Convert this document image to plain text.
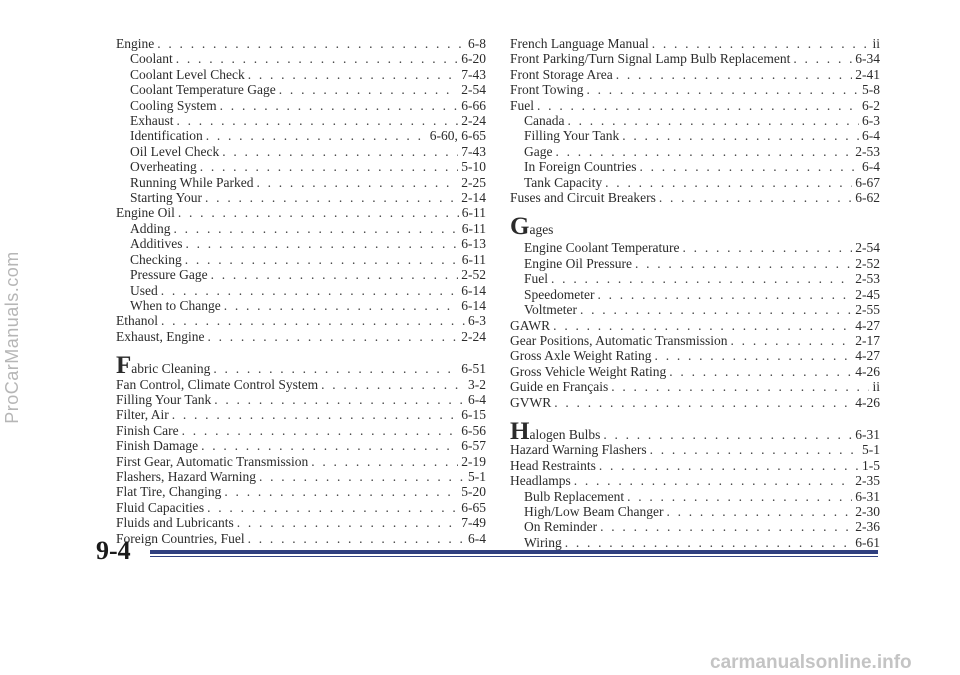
ProCarManuals.com
Engine . . .	6-8
Coolant . . .	6-20
Coolant Level Check . . .	7-43
Coolant Temperature Gage . . .	2-54
Cooling System . . .	6-66
Exhaust . . .	2-24
Identification . . .	6-60, 6-65
Oil Level Check . . .	7-43
Overheating . . .	5-10
Running While Parked . . .	2-25
Starting Your . . .	2-14
Engine Oil . . .	6-11
Adding . . .	6-11
Additives . . .	6-13
Checking . . .	6-11
Pressure Gage . . .	2-52
Used . . .	6-14
When to Change . . .	6-14
Ethanol . . .	6-3
Exhaust, Engine . . .	2-24
Fabric Cleaning . . .	6-51
Fan Control, Climate Control System . . .	3-2
Filling Your Tank . . .	6-4
Filter, Air . . .	6-15
Finish Care . . .	6-56
Finish Damage . . .	6-57
First Gear, Automatic Transmission . . .	2-19
Flashers, Hazard Warning . . .	5-1
Flat Tire, Changing . . .	5-20
Fluid Capacities . . .	6-65
Fluids and Lubricants . . .	7-49
Foreign Countries, Fuel . . .	6-4
French Language Manual . . .	ii
Front Parking/Turn Signal Lamp Bulb Replacement . . .	6-34
Front Storage Area . . .	2-41
Front Towing . . .	5-8
Fuel . . .	6-2
Canada . . .	6-3
Filling Your Tank . . .	6-4
Gage . . .	2-53
In Foreign Countries . . .	6-4
Tank Capacity . . .	6-67
Fuses and Circuit Breakers . . .	6-62
Gages
Engine Coolant Temperature . . .	2-54
Engine Oil Pressure . . .	2-52
Fuel . . .	2-53
Speedometer . . .	2-45
Voltmeter . . .	2-55
GAWR . . .	4-27
Gear Positions, Automatic Transmission . . .	2-17
Gross Axle Weight Rating . . .	4-27
Gross Vehicle Weight Rating . . .	4-26
Guide en Français . . .	ii
GVWR . . .	4-26
Halogen Bulbs . . .	6-31
Hazard Warning Flashers . . .	5-1
Head Restraints . . .	1-5
Headlamps . . .	2-35
Bulb Replacement . . .	6-31
High/Low Beam Changer . . .	2-30
On Reminder . . .	2-36
Wiring . . .	6-61
9-4
carmanualsonline.info
